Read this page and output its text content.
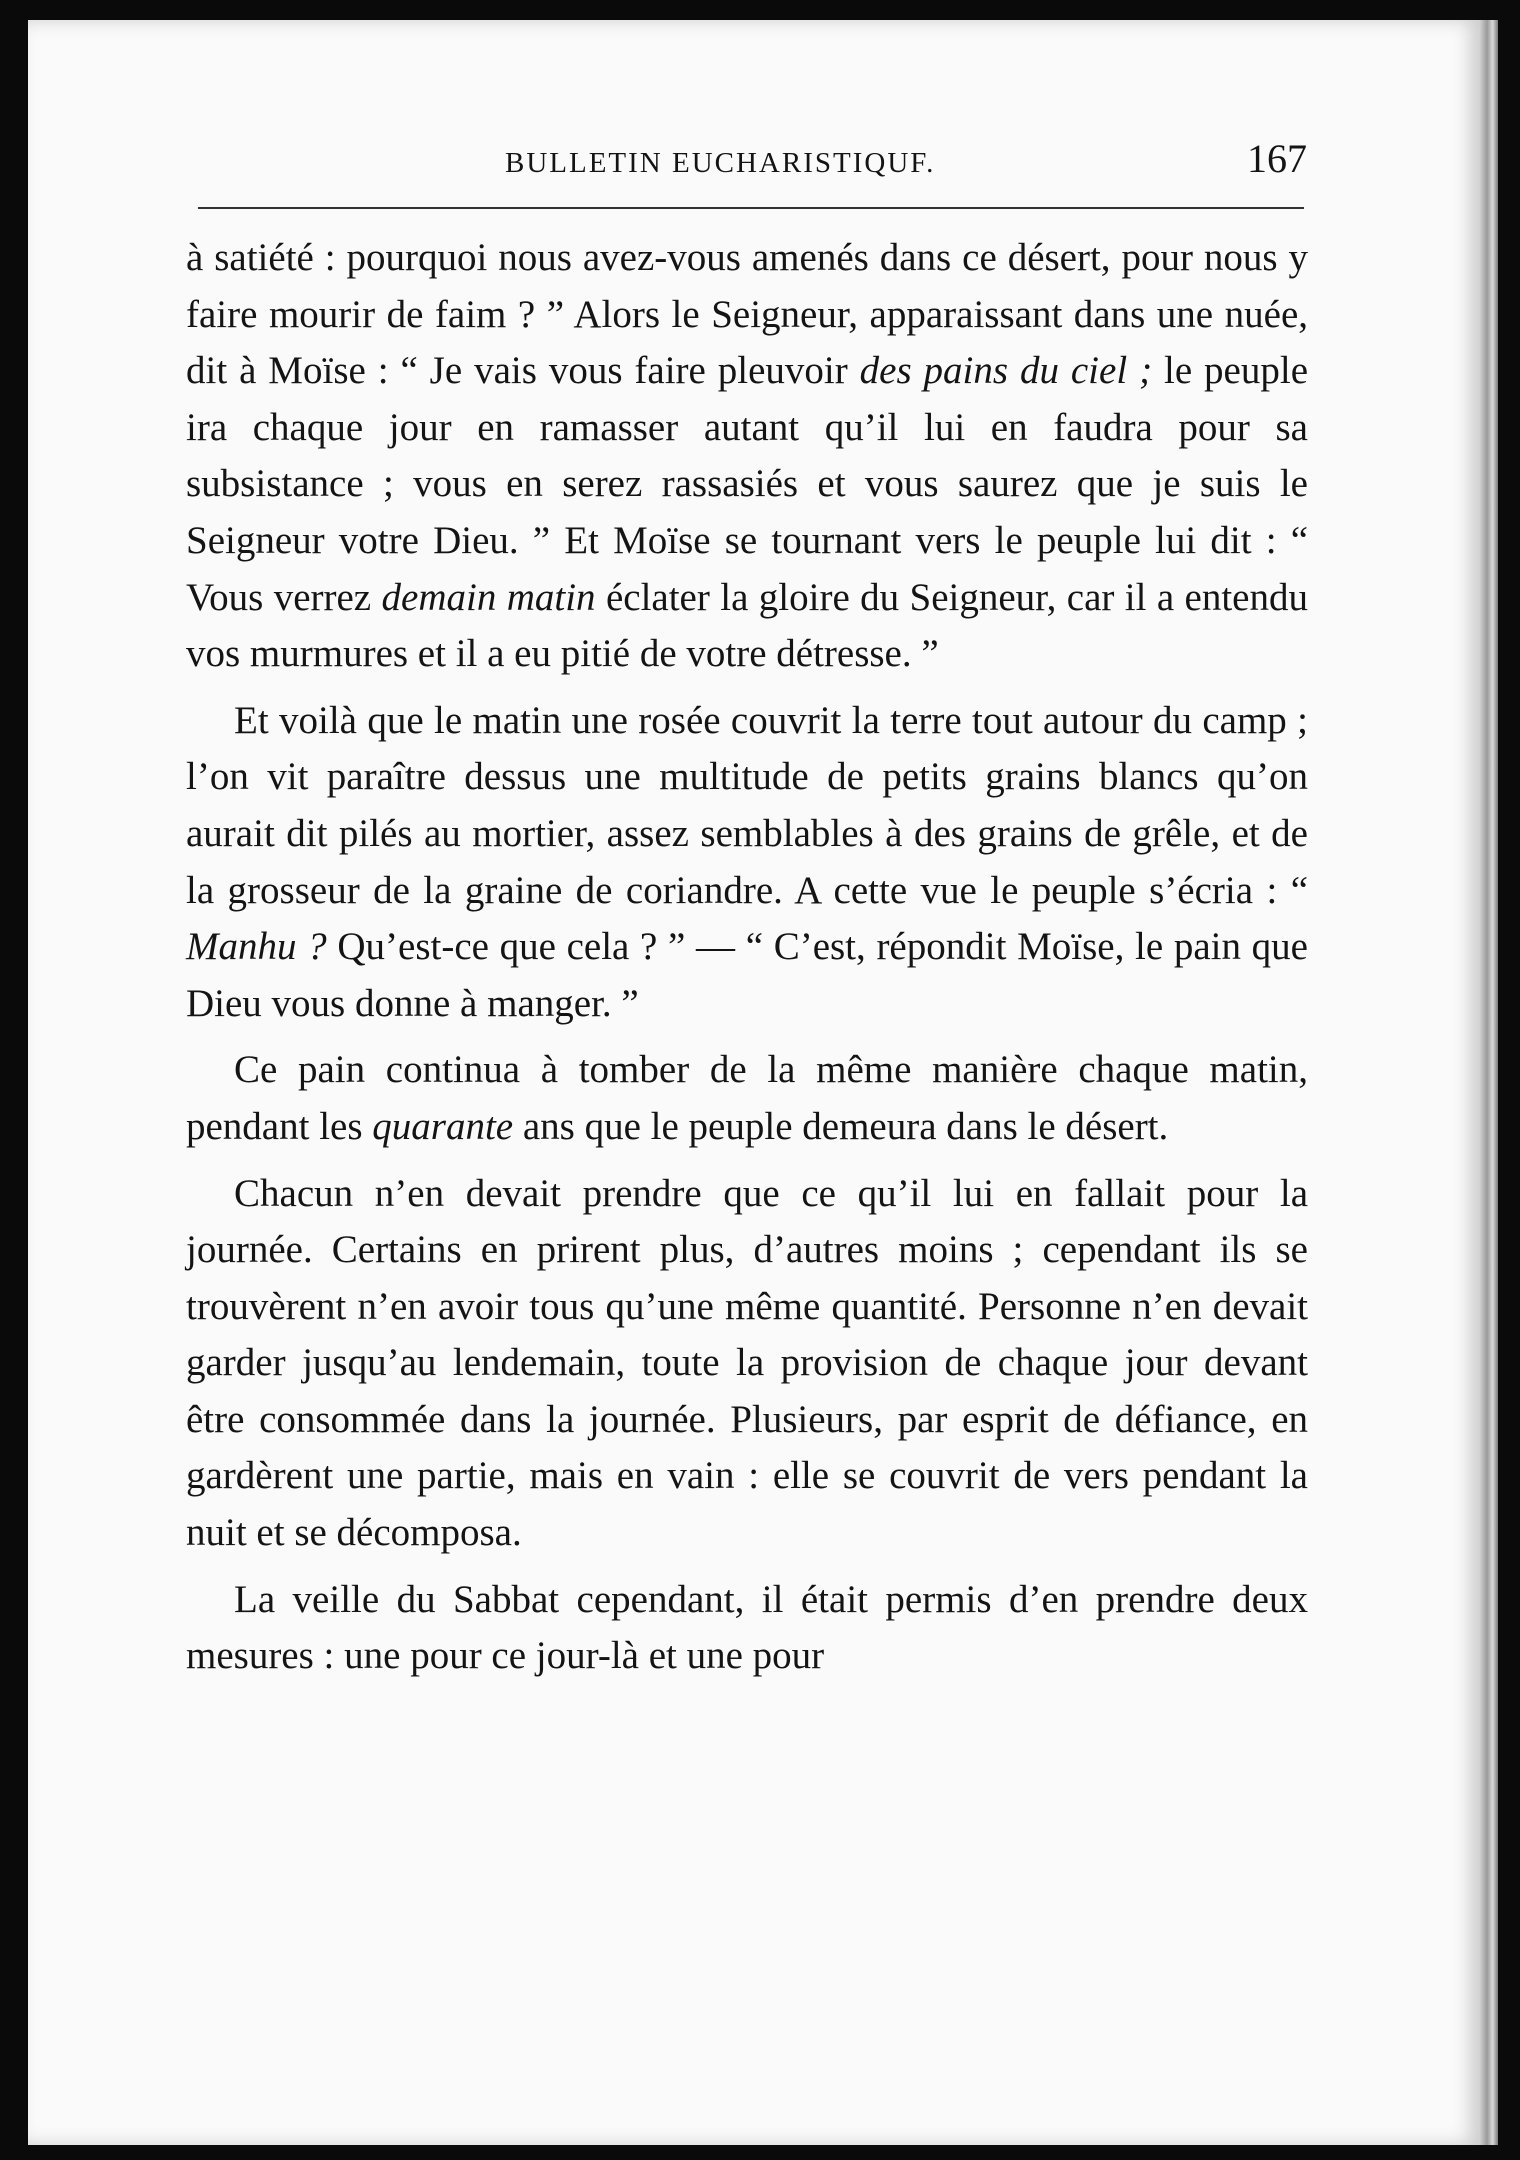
BULLETIN EUCHARISTIQUF.	167

à satiété : pourquoi nous avez-vous amenés dans ce désert, pour nous y faire mourir de faim ? ” Alors le Seigneur, apparaissant dans une nuée, dit à Moïse : “ Je vais vous faire pleuvoir des pains du ciel ; le peuple ira chaque jour en ramasser autant qu’il lui en faudra pour sa subsistance ; vous en serez rassasiés et vous saurez que je suis le Seigneur votre Dieu. ” Et Moïse se tournant vers le peuple lui dit : “ Vous verrez demain matin éclater la gloire du Seigneur, car il a entendu vos murmures et il a eu pitié de votre détresse. ”

Et voilà que le matin une rosée couvrit la terre tout autour du camp ; l’on vit paraître dessus une multitude de petits grains blancs qu’on aurait dit pilés au mortier, assez semblables à des grains de grêle, et de la grosseur de la graine de coriandre. A cette vue le peuple s’écria : “ Manhu ? Qu’est-ce que cela ? ” — “ C’est, répondit Moïse, le pain que Dieu vous donne à manger. ”

Ce pain continua à tomber de la même manière chaque matin, pendant les quarante ans que le peuple demeura dans le désert.

Chacun n’en devait prendre que ce qu’il lui en fallait pour la journée. Certains en prirent plus, d’autres moins ; cependant ils se trouvèrent n’en avoir tous qu’une même quantité. Personne n’en devait garder jusqu’au lendemain, toute la provision de chaque jour devant être consommée dans la journée. Plusieurs, par esprit de défiance, en gardèrent une partie, mais en vain : elle se couvrit de vers pendant la nuit et se décomposa.

La veille du Sabbat cependant, il était permis d’en prendre deux mesures : une pour ce jour-là et une pour
